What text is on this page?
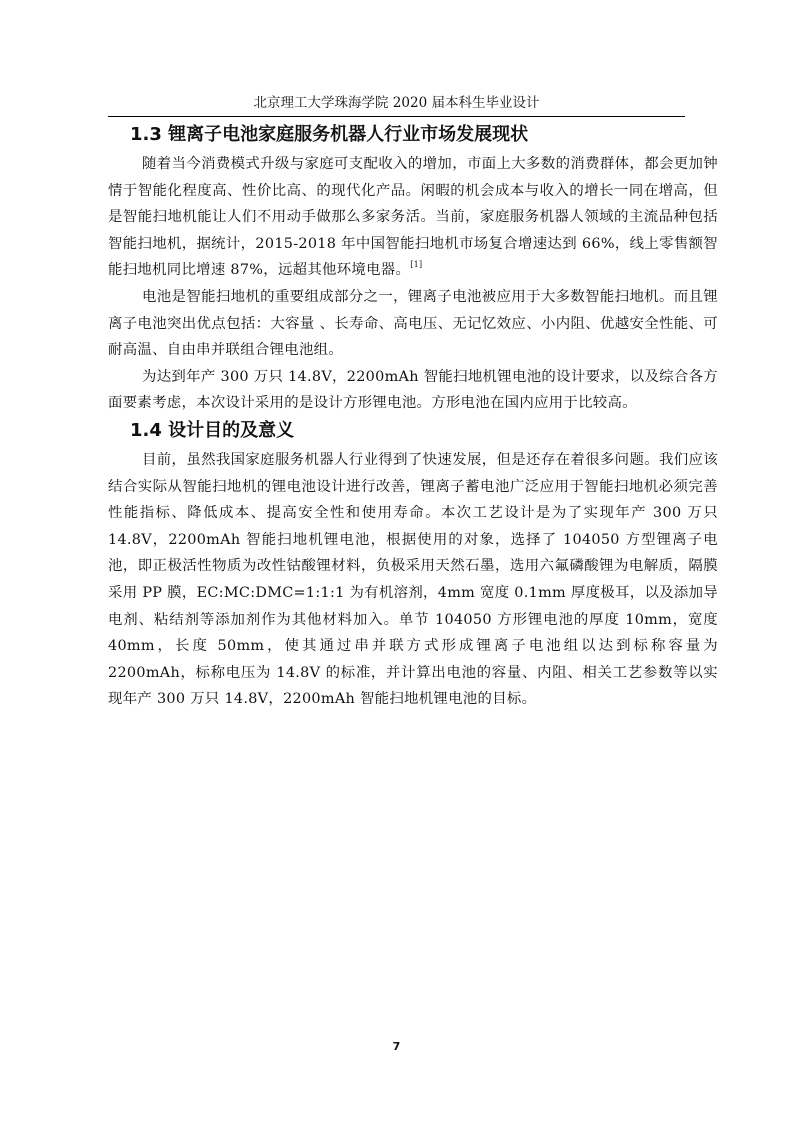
北京理工大学珠海学院 2020 届本科生毕业设计
1.3 锂离子电池家庭服务机器人行业市场发展现状

随着当今消费模式升级与家庭可支配收入的增加，市面上大多数的消费群体，都会更加钟情于智能化程度高、性价比高、的现代化产品。闲暇的机会成本与收入的增长一同在增高，但是智能扫地机能让人们不用动手做那么多家务活。当前，家庭服务机器人领域的主流品种包括智能扫地机，据统计，2015-2018 年中国智能扫地机市场复合增速达到 66%，线上零售额智能扫地机同比增速 87%，远超其他环境电器。[1]

电池是智能扫地机的重要组成部分之一，锂离子电池被应用于大多数智能扫地机。而且锂离子电池突出优点包括：大容量 、长寿命、高电压、无记忆效应、小内阻、优越安全性能、可耐高温、自由串并联组合锂电池组。

为达到年产 300 万只 14.8V，2200mAh 智能扫地机锂电池的设计要求，以及综合各方面要素考虑，本次设计采用的是设计方形锂电池。方形电池在国内应用于比较高。

1.4 设计目的及意义

目前，虽然我国家庭服务机器人行业得到了快速发展，但是还存在着很多问题。我们应该结合实际从智能扫地机的锂电池设计进行改善，锂离子蓄电池广泛应用于智能扫地机必须完善性能指标、降低成本、提高安全性和使用寿命。本次工艺设计是为了实现年产 300 万只 14.8V，2200mAh 智能扫地机锂电池，根据使用的对象，选择了 104050 方型锂离子电池，即正极活性物质为改性钴酸锂材料，负极采用天然石墨，选用六氟磷酸锂为电解质，隔膜采用 PP 膜，EC:MC:DMC=1:1:1 为有机溶剂，4mm 宽度 0.1mm 厚度极耳，以及添加导电剂、粘结剂等添加剂作为其他材料加入。单节 104050 方形锂电池的厚度 10mm，宽度 40mm，长度 50mm，使其通过串并联方式形成锂离子电池组以达到标称容量为 2200mAh，标称电压为 14.8V 的标准，并计算出电池的容量、内阻、相关工艺参数等以实现年产 300 万只 14.8V，2200mAh 智能扫地机锂电池的目标。

7
